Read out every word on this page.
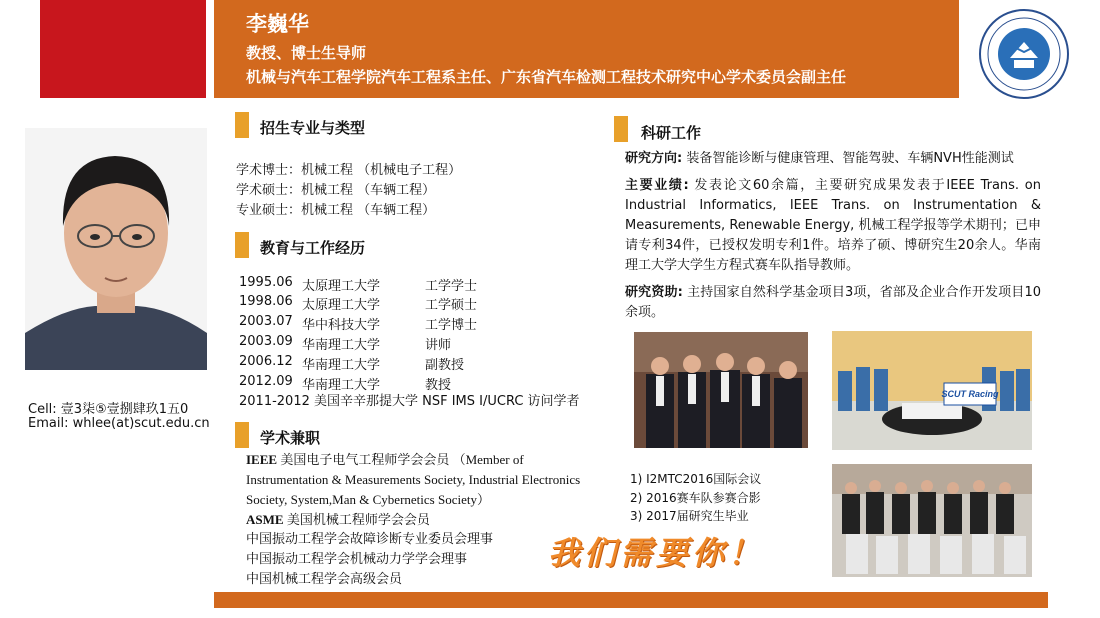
李巍华
教授、博士生导师
机械与汽车工程学院汽车工程系主任、广东省汽车检测工程技术研究中心学术委员会副主任
Cell: 壹3柒⑤壹捌肆玖1五0
Email: whlee(at)scut.edu.cn
招生专业与类型
学术博士：机械工程 （机械电子工程）
学术硕士：机械工程 （车辆工程）
专业硕士：机械工程 （车辆工程）
教育与工作经历
1995.06 太原理工大学	工学学士
1998.06 太原理工大学	工学硕士
2003.07 华中科技大学	工学博士
2003.09 华南理工大学	讲师
2006.12 华南理工大学	副教授
2012.09 华南理工大学	教授
2011-2012 美国辛辛那提大学 NSF IMS I/UCRC 访问学者
学术兼职
IEEE 美国电子电气工程师学会会员 （Member of
Instrumentation & Measurements Society, Industrial Electronics
Society, System,Man & Cybernetics Society）
ASME 美国机械工程师学会会员
中国振动工程学会故障诊断专业委员会理事
中国振动工程学会机械动力学学会理事
中国机械工程学会高级会员
科研工作
研究方向: 装备智能诊断与健康管理、智能驾驶、车辆NVH性能测试
主要业绩: 发表论文60余篇，主要研究成果发表于IEEE Trans. on Industrial Informatics, IEEE Trans. on Instrumentation & Measurements, Renewable Energy, 机械工程学报等学术期刊；已申请专利34件，已授权发明专利1件。培养了硕、博研究生20余人。华南理工大学大学生方程式赛车队指导教师。
研究资助: 主持国家自然科学基金项目3项，省部及企业合作开发项目10余项。
SCUT Racing
1) I2MTC2016国际会议
2) 2016赛车队参赛合影
3) 2017届研究生毕业
我们需要你！
